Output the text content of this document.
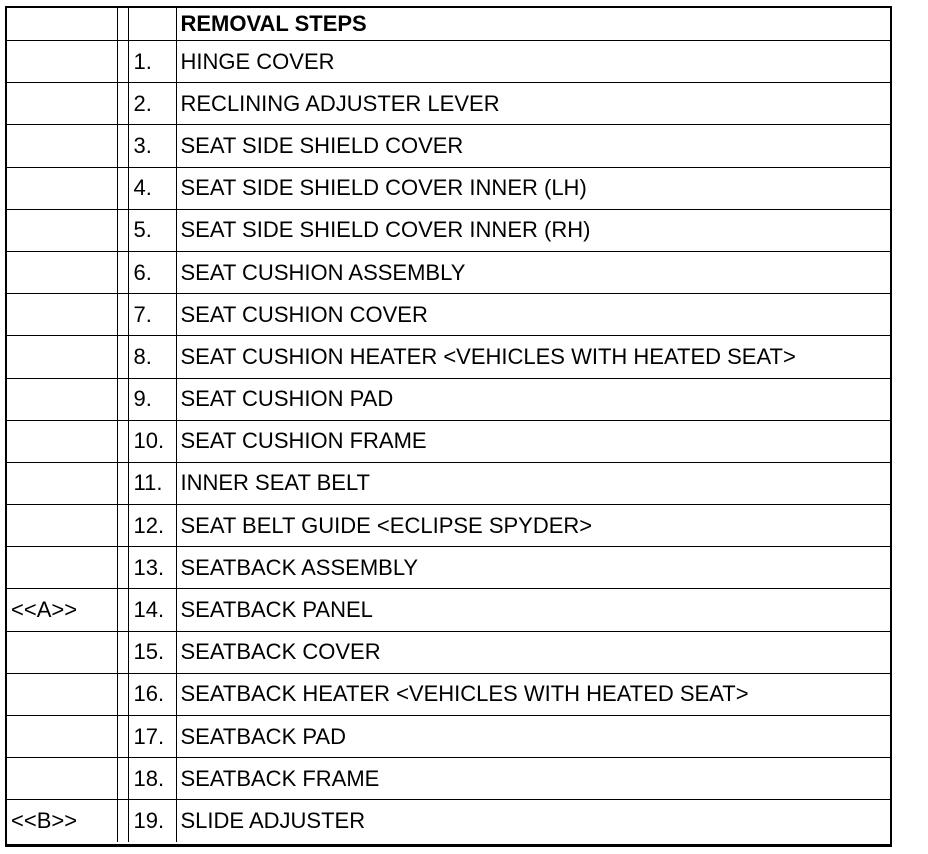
			REMOVAL STEPS
		1.	HINGE COVER
		2.	RECLINING ADJUSTER LEVER
		3.	SEAT SIDE SHIELD COVER
		4.	SEAT SIDE SHIELD COVER INNER (LH)
		5.	SEAT SIDE SHIELD COVER INNER (RH)
		6.	SEAT CUSHION ASSEMBLY
		7.	SEAT CUSHION COVER
		8.	SEAT CUSHION HEATER <VEHICLES WITH HEATED SEAT>
		9.	SEAT CUSHION PAD
		10.	SEAT CUSHION FRAME
		11.	INNER SEAT BELT
		12.	SEAT BELT GUIDE <ECLIPSE SPYDER>
		13.	SEATBACK ASSEMBLY
<<A>>		14.	SEATBACK PANEL
		15.	SEATBACK COVER
		16.	SEATBACK HEATER <VEHICLES WITH HEATED SEAT>
		17.	SEATBACK PAD
		18.	SEATBACK FRAME
<<B>>		19.	SLIDE ADJUSTER
